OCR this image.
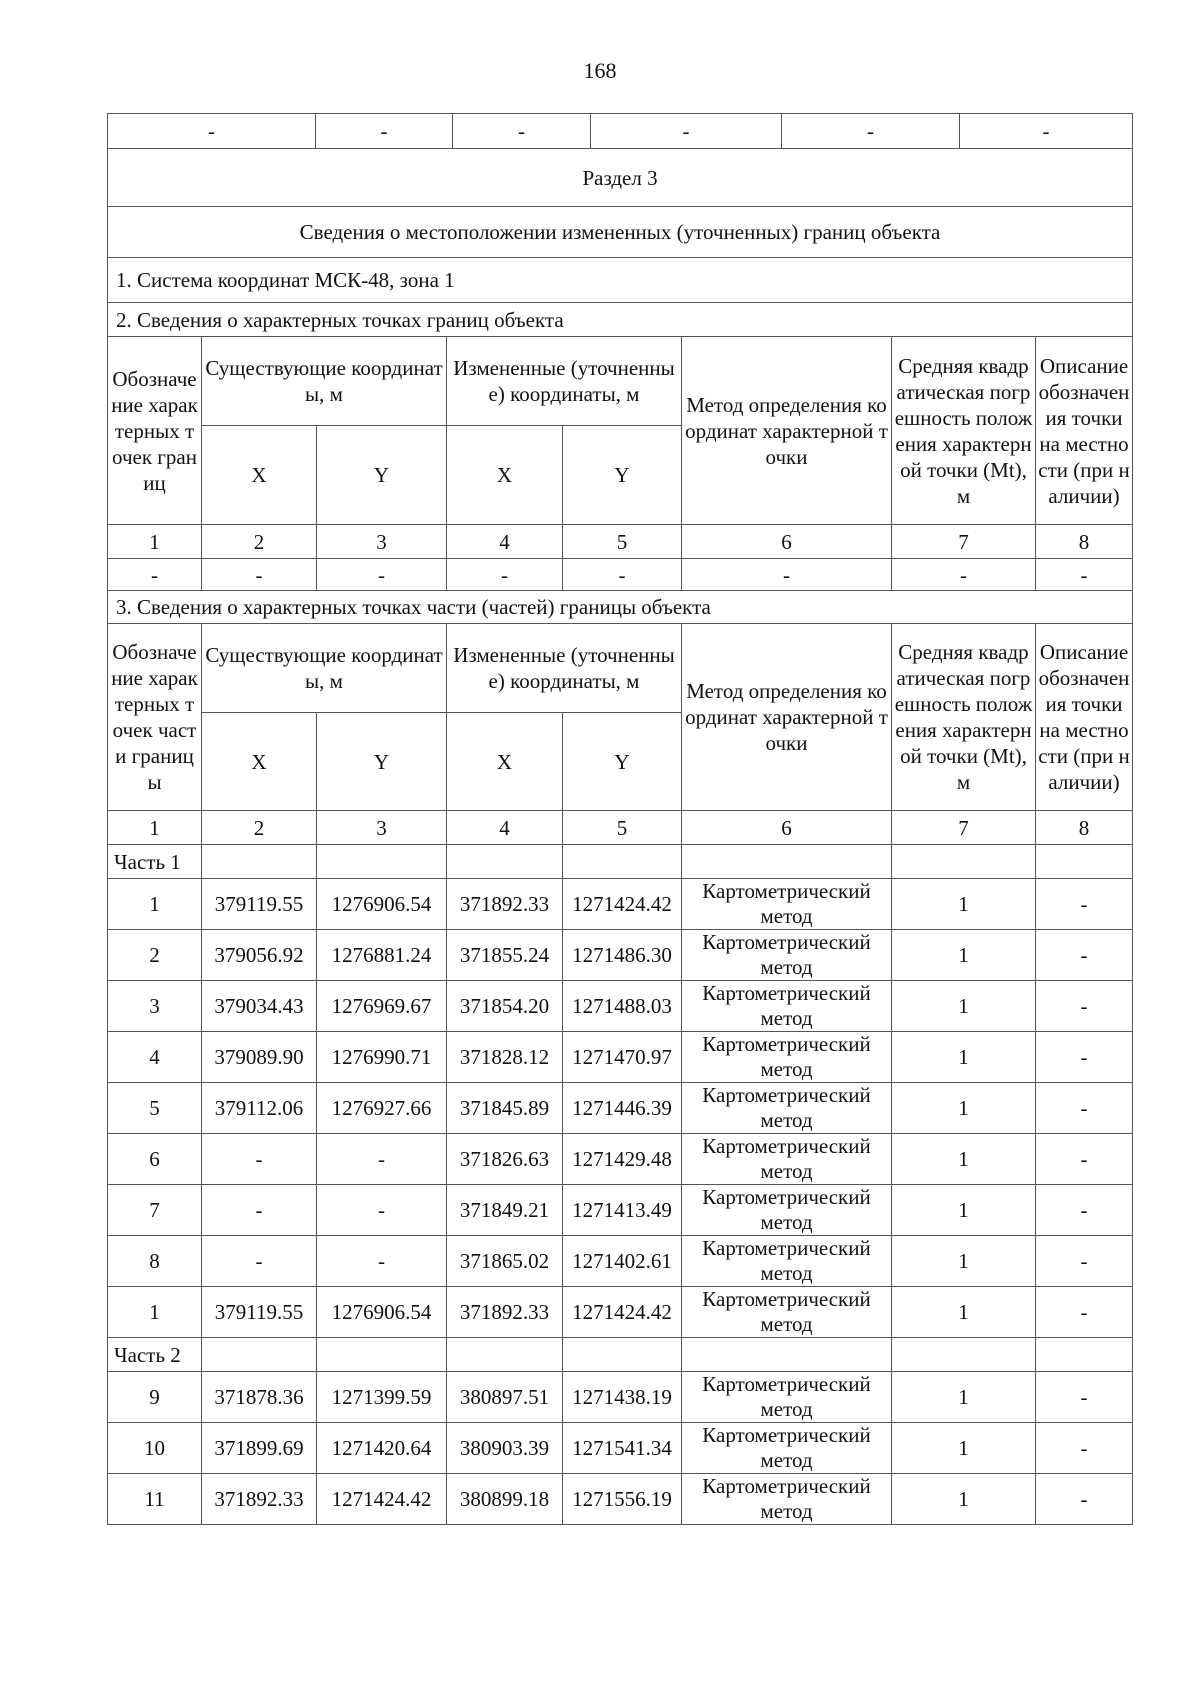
168
-	-	-	-	-	-
Раздел 3							
Сведения о местоположении измененных (уточненных) границ объекта							
1. Система координат МСК-48, зона 1							
2. Сведения о характерных точках границ объекта							
Обозначение характерных точек границ	Существующие координаты, м		Измененные (уточненные) координаты, м		Метод определения координат характерной точки	Средняя квадратическая погрешность положения характерной точки (Mt), м	Описание обозначения точки на местности (при наличии)
	X	Y	X	Y			
1	2	3	4	5	6	7	8
-	-	-	-	-	-	-	-
3. Сведения о характерных точках части (частей) границы объекта							
Обозначение характерных точек части границы	Существующие координаты, м		Измененные (уточненные) координаты, м		Метод определения координат характерной точки	Средняя квадратическая погрешность положения характерной точки (Mt), м	Описание обозначения точки на местности (при наличии)
	X	Y	X	Y			
1	2	3	4	5	6	7	8
Часть 1							
1	379119.55	1276906.54	371892.33	1271424.42	Картометрический метод	1	-
2	379056.92	1276881.24	371855.24	1271486.30	Картометрический метод	1	-
3	379034.43	1276969.67	371854.20	1271488.03	Картометрический метод	1	-
4	379089.90	1276990.71	371828.12	1271470.97	Картометрический метод	1	-
5	379112.06	1276927.66	371845.89	1271446.39	Картометрический метод	1	-
6	-	-	371826.63	1271429.48	Картометрический метод	1	-
7	-	-	371849.21	1271413.49	Картометрический метод	1	-
8	-	-	371865.02	1271402.61	Картометрический метод	1	-
1	379119.55	1276906.54	371892.33	1271424.42	Картометрический метод	1	-
Часть 2							
9	371878.36	1271399.59	380897.51	1271438.19	Картометрический метод	1	-
10	371899.69	1271420.64	380903.39	1271541.34	Картометрический метод	1	-
11	371892.33	1271424.42	380899.18	1271556.19	Картометрический метод	1	-
